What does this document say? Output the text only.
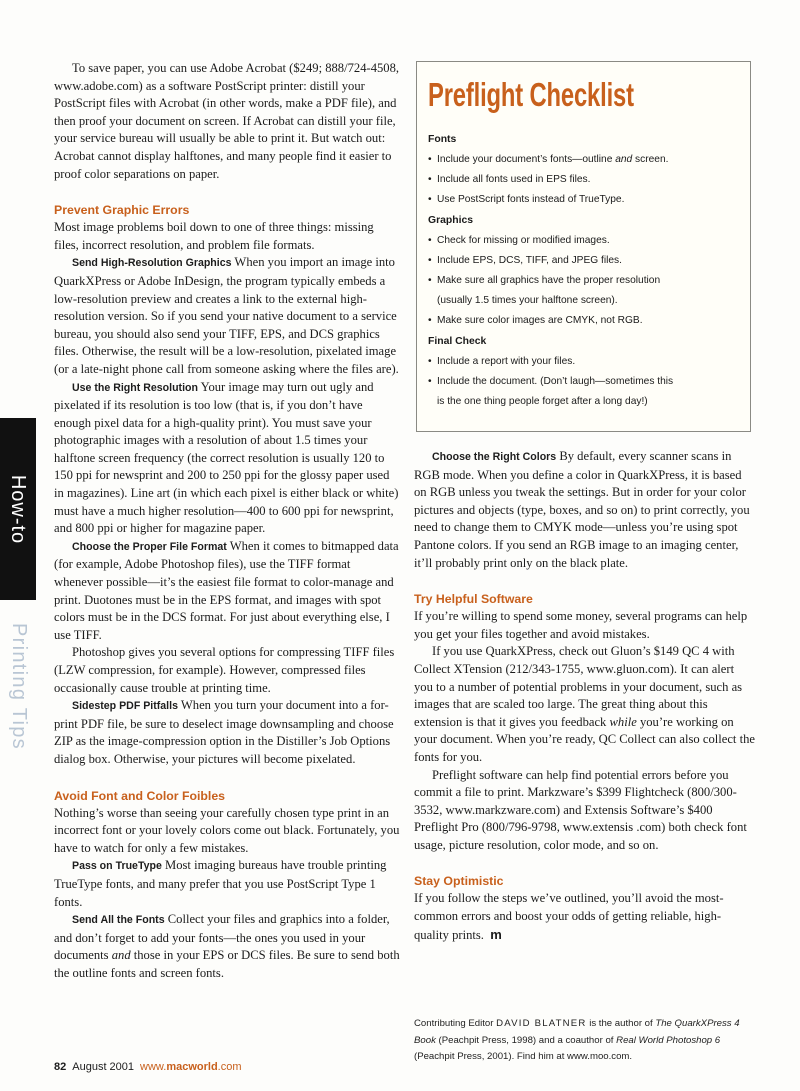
To save paper, you can use Adobe Acrobat ($249; 888/724-4508, www.adobe.com) as a software PostScript printer: distill your PostScript files with Acrobat (in other words, make a PDF file), and then proof your document on screen. If Acrobat can distill your file, your service bureau will usually be able to print it. But watch out: Acrobat cannot display halftones, and many people find it easier to proof color separations on paper.

Prevent Graphic Errors

Most image problems boil down to one of three things: missing files, incorrect resolution, and problem file formats.

Send High-Resolution Graphics When you import an image into QuarkXPress or Adobe InDesign, the program typically embeds a low-resolution preview and creates a link to the external high-resolution version. So if you send your native document to a service bureau, you should also send your TIFF, EPS, and DCS graphics files. Otherwise, the result will be a low-resolution, pixelated image (or a late-night phone call from someone asking where the files are).

Use the Right Resolution Your image may turn out ugly and pixelated if its resolution is too low (that is, if you don’t have enough pixel data for a high-quality print). You must save your photographic images with a resolution of about 1.5 times your halftone screen frequency (the correct resolution is usually 120 to 150 ppi for newsprint and 200 to 250 ppi for the glossy paper used in magazines). Line art (in which each pixel is either black or white) must have a much higher resolution—400 to 600 ppi for newsprint, and 800 ppi or higher for magazine paper.

Choose the Proper File Format When it comes to bitmapped data (for example, Adobe Photoshop files), use the TIFF format whenever possible—it’s the easiest file format to color-manage and print. Duotones must be in the EPS format, and images with spot colors must be in the DCS format. For just about everything else, I use TIFF.

Photoshop gives you several options for compressing TIFF files (LZW compression, for example). However, compressed files occasionally cause trouble at printing time.

Sidestep PDF Pitfalls When you turn your document into a for-print PDF file, be sure to deselect image downsampling and choose ZIP as the image-compression option in the Distiller’s Job Options dialog box. Otherwise, your pictures will become pixelated.

Avoid Font and Color Foibles

Nothing’s worse than seeing your carefully chosen type print in an incorrect font or your lovely colors come out black. Fortunately, you have to watch for only a few mistakes.

Pass on TrueType Most imaging bureaus have trouble printing TrueType fonts, and many prefer that you use PostScript Type 1 fonts.

Send All the Fonts Collect your files and graphics into a folder, and don’t forget to add your fonts—the ones you used in your documents and those in your EPS or DCS files. Be sure to send both the outline fonts and screen fonts.

Choose the Right Colors By default, every scanner scans in RGB mode. When you define a color in QuarkXPress, it is based on RGB unless you tweak the settings. But in order for your color pictures and objects (type, boxes, and so on) to print correctly, you need to change them to CMYK mode—unless you’re using spot Pantone colors. If you send an RGB image to an imaging center, it’ll probably print only on the black plate.

Try Helpful Software

If you’re willing to spend some money, several programs can help you get your files together and avoid mistakes.

If you use QuarkXPress, check out Gluon’s $149 QC 4 with Collect XTension (212/343-1755, www.gluon.com). It can alert you to a number of potential problems in your document, such as images that are scaled too large. The great thing about this extension is that it gives you feedback while you’re working on your document. When you’re ready, QC Collect can also collect the fonts for you.

Preflight software can help find potential errors before you commit a file to print. Markzware’s $399 Flightcheck (800/300-3532, www.markzware.com) and Extensis Software’s $400 Preflight Pro (800/796-9798, www.extensis .com) both check font usage, picture resolution, color mode, and so on.

Stay Optimistic

If you follow the steps we’ve outlined, you’ll avoid the most-common errors and boost your odds of getting reliable, high-quality prints. m

Preflight Checklist
Fonts
• Include your document’s fonts—outline and screen.
• Include all fonts used in EPS files.
• Use PostScript fonts instead of TrueType.
Graphics
• Check for missing or modified images.
• Include EPS, DCS, TIFF, and JPEG files.
• Make sure all graphics have the proper resolution
(usually 1.5 times your halftone screen).
• Make sure color images are CMYK, not RGB.
Final Check
• Include a report with your files.
• Include the document. (Don’t laugh—sometimes this
is the one thing people forget after a long day!)
Contributing Editor DAVID BLATNER is the author of The QuarkXPress 4 Book (Peachpit Press, 1998) and a coauthor of Real World Photoshop 6 (Peachpit Press, 2001). Find him at www.moo.com.
How-to
Printing Tips
82 August 2001 www.macworld.com
